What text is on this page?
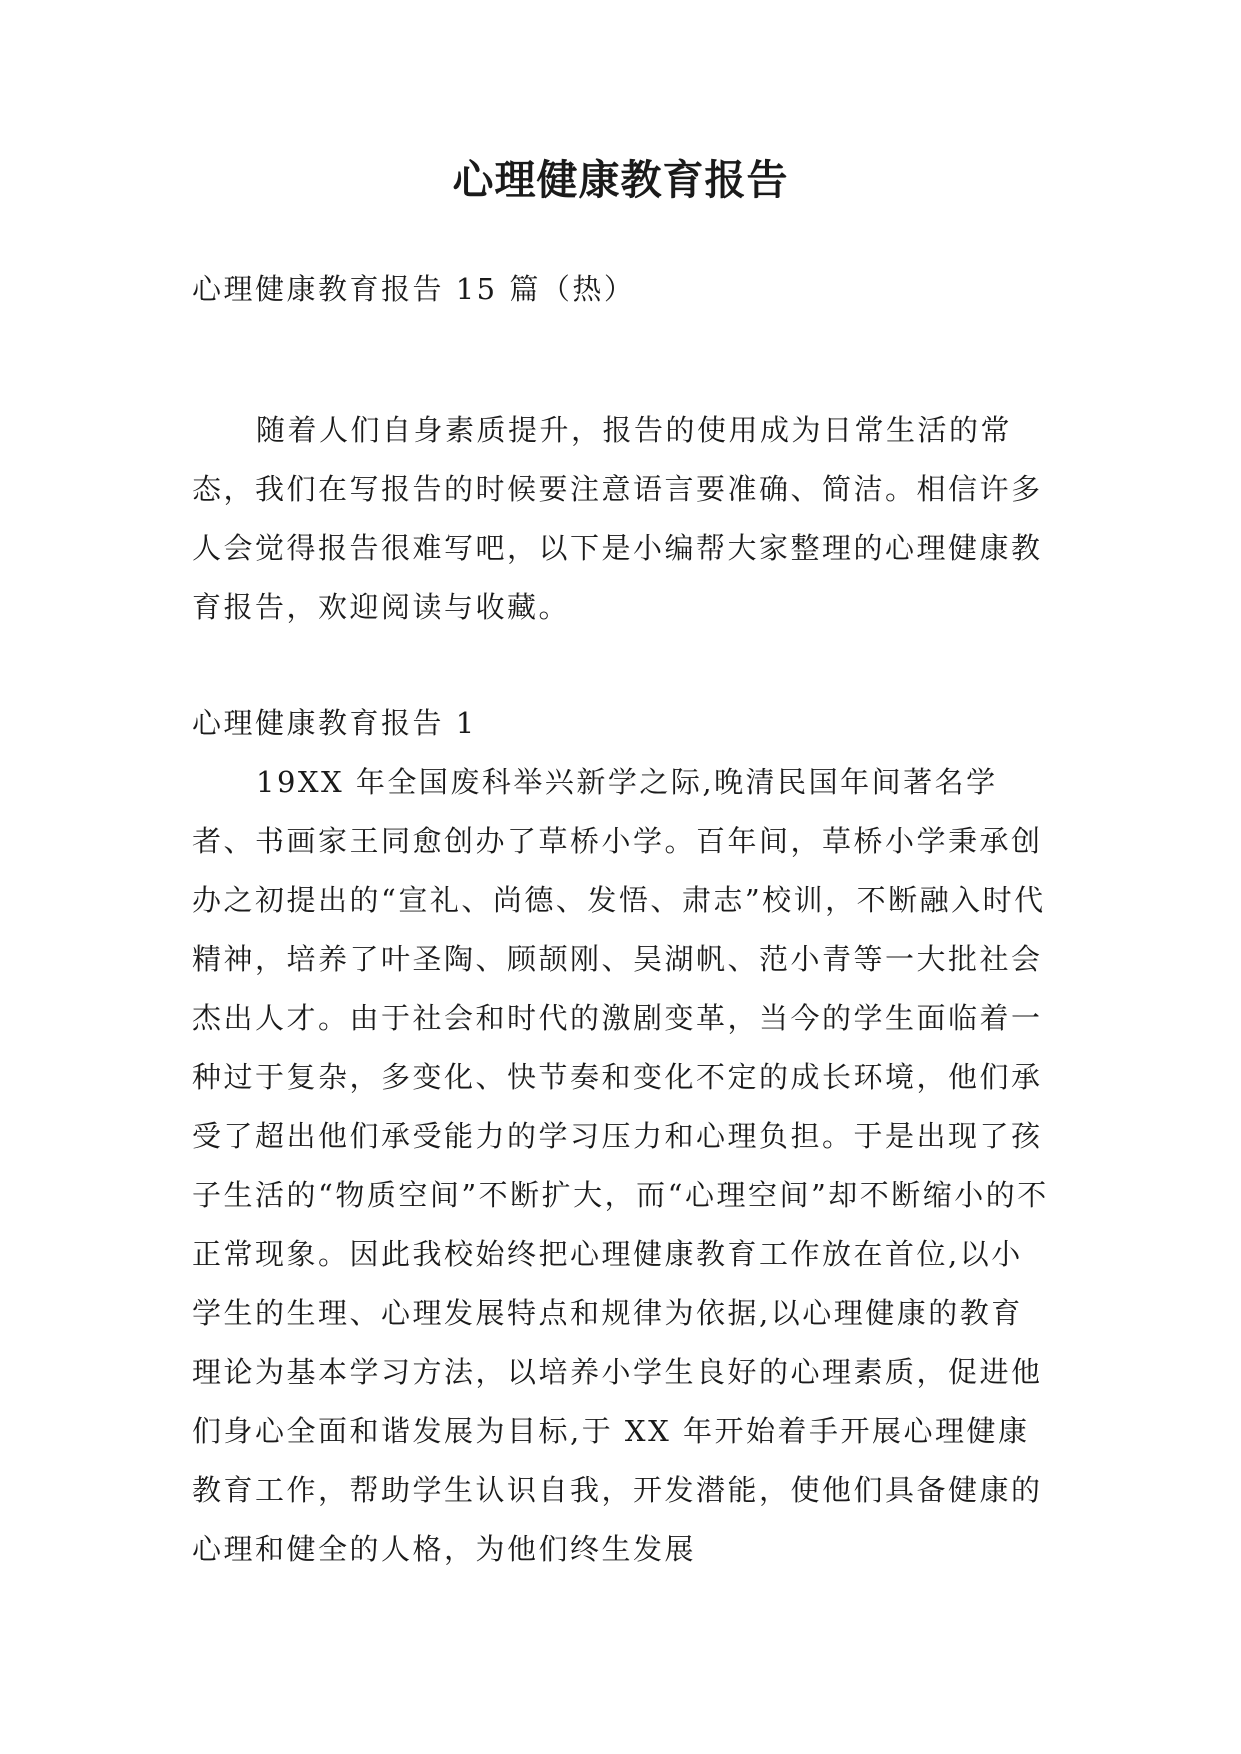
心理健康教育报告

心理健康教育报告 15 篇（热）

随着人们自身素质提升，报告的使用成为日常生活的常态，我们在写报告的时候要注意语言要准确、简洁。相信许多人会觉得报告很难写吧，以下是小编帮大家整理的心理健康教育报告，欢迎阅读与收藏。

心理健康教育报告 1

19XX 年全国废科举兴新学之际,晚清民国年间著名学者、书画家王同愈创办了草桥小学。百年间，草桥小学秉承创办之初提出的“宣礼、尚德、发悟、肃志”校训，不断融入时代精神，培养了叶圣陶、顾颉刚、吴湖帆、范小青等一大批社会杰出人才。由于社会和时代的激剧变革，当今的学生面临着一种过于复杂，多变化、快节奏和变化不定的成长环境，他们承受了超出他们承受能力的学习压力和心理负担。于是出现了孩子生活的“物质空间”不断扩大，而“心理空间”却不断缩小的不正常现象。因此我校始终把心理健康教育工作放在首位,以小学生的生理、心理发展特点和规律为依据,以心理健康的教育理论为基本学习方法，以培养小学生良好的心理素质，促进他们身心全面和谐发展为目标,于 XX 年开始着手开展心理健康教育工作，帮助学生认识自我，开发潜能，使他们具备健康的心理和健全的人格，为他们终生发展
